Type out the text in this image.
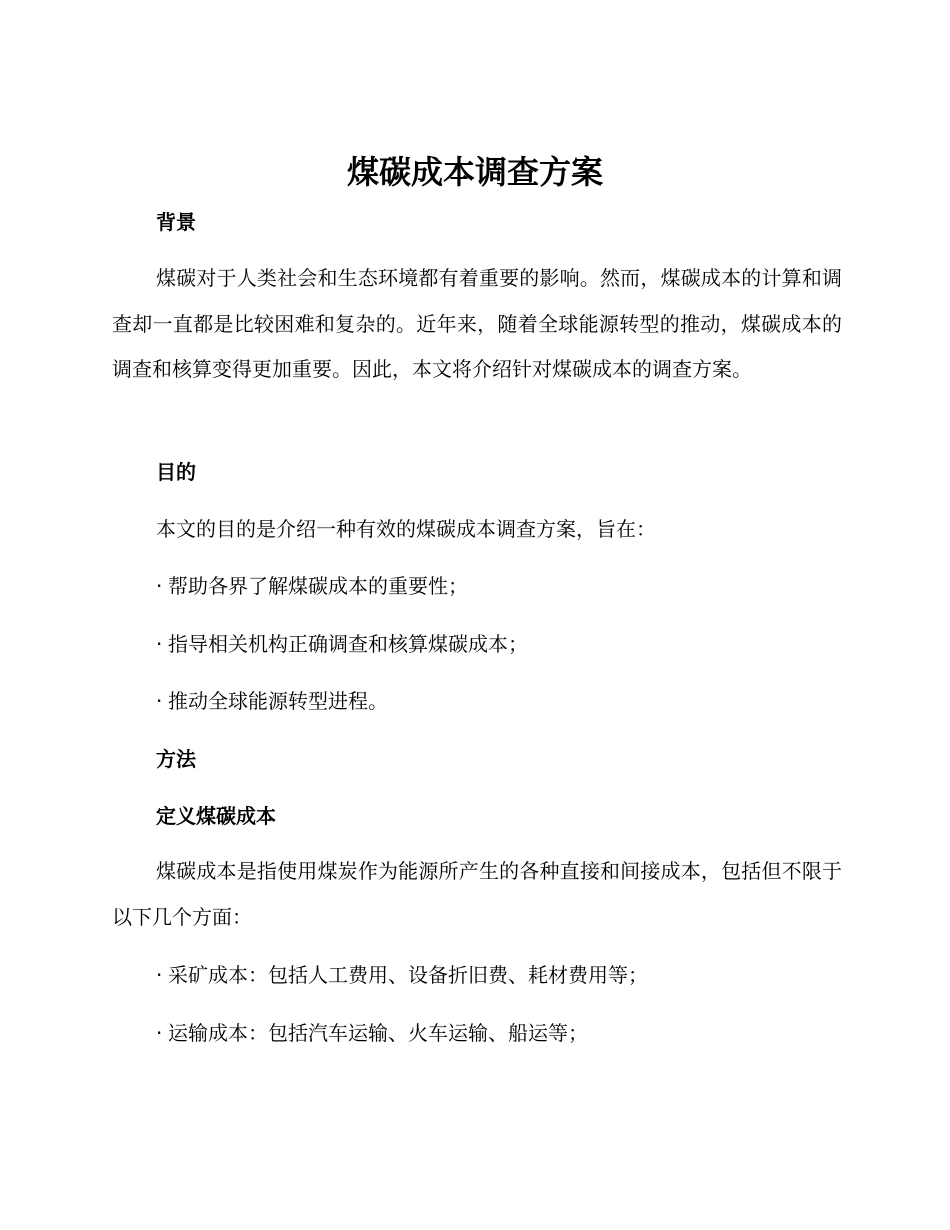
煤碳成本调查方案
背景

煤碳对于人类社会和生态环境都有着重要的影响。然而，煤碳成本的计算和调查却一直都是比较困难和复杂的。近年来，随着全球能源转型的推动，煤碳成本的调查和核算变得更加重要。因此，本文将介绍针对煤碳成本的调查方案。

目的

本文的目的是介绍一种有效的煤碳成本调查方案，旨在：

· 帮助各界了解煤碳成本的重要性；

· 指导相关机构正确调查和核算煤碳成本；

· 推动全球能源转型进程。

方法
定义煤碳成本

煤碳成本是指使用煤炭作为能源所产生的各种直接和间接成本，包括但不限于以下几个方面：

· 采矿成本：包括人工费用、设备折旧费、耗材费用等；

· 运输成本：包括汽车运输、火车运输、船运等；
